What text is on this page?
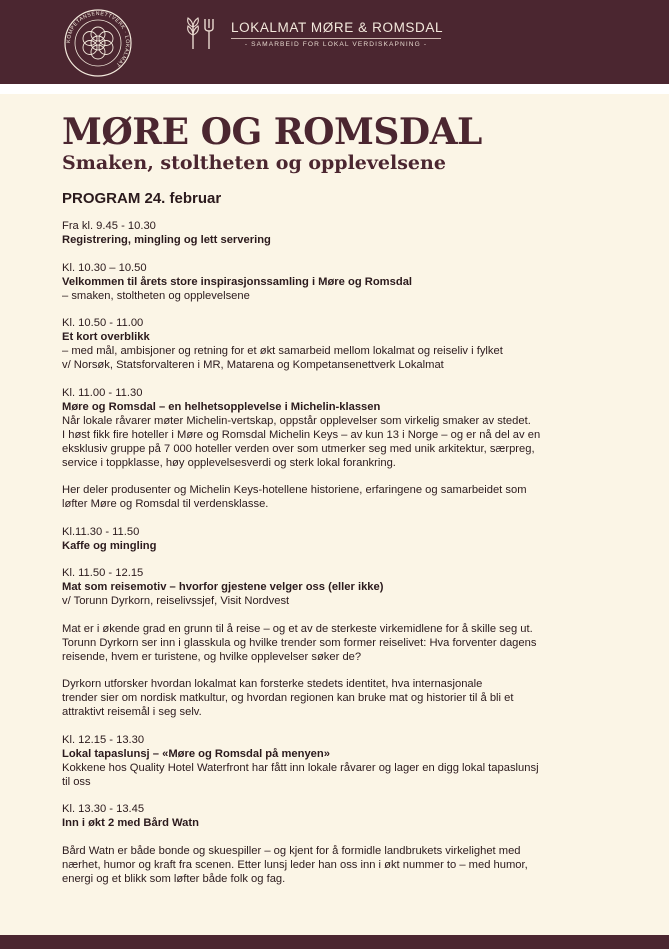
KOMPETANSENETTVERK · LOKALMAT
LOKALMAT MØRE & ROMSDAL
- SAMARBEID FOR LOKAL VERDISKAPNING -
MØRE OG ROMSDAL
Smaken, stoltheten og opplevelsene
PROGRAM 24. februar
Fra kl. 9.45 - 10.30
Registrering, mingling og lett servering
Kl. 10.30 – 10.50
Velkommen til årets store inspirasjonssamling i Møre og Romsdal
– smaken, stoltheten og opplevelsene
Kl. 10.50 - 11.00
Et kort overblikk
– med mål, ambisjoner og retning for et økt samarbeid mellom lokalmat og reiseliv i fylket
v/ Norsøk, Statsforvalteren i MR, Matarena og Kompetansenettverk Lokalmat
Kl. 11.00 - 11.30
Møre og Romsdal – en helhetsopplevelse i Michelin-klassen
Når lokale råvarer møter Michelin-vertskap, oppstår opplevelser som virkelig smaker av stedet.
I høst fikk fire hoteller i Møre og Romsdal Michelin Keys – av kun 13 i Norge – og er nå del av en
eksklusiv gruppe på 7 000 hoteller verden over som utmerker seg med unik arkitektur, særpreg,
service i toppklasse, høy opplevelsesverdi og sterk lokal forankring.
Her deler produsenter og Michelin Keys-hotellene historiene, erfaringene og samarbeidet som
løfter Møre og Romsdal til verdensklasse.
Kl.11.30 - 11.50
Kaffe og mingling
Kl. 11.50 - 12.15
Mat som reisemotiv – hvorfor gjestene velger oss (eller ikke)
v/ Torunn Dyrkorn, reiselivssjef, Visit Nordvest
Mat er i økende grad en grunn til å reise – og et av de sterkeste virkemidlene for å skille seg ut.
Torunn Dyrkorn ser inn i glasskula og hvilke trender som former reiselivet: Hva forventer dagens
reisende, hvem er turistene, og hvilke opplevelser søker de?
Dyrkorn utforsker hvordan lokalmat kan forsterke stedets identitet, hva internasjonale
trender sier om nordisk matkultur, og hvordan regionen kan bruke mat og historier til å bli et
attraktivt reisemål i seg selv.
Kl. 12.15 - 13.30
Lokal tapaslunsj – «Møre og Romsdal på menyen»
Kokkene hos Quality Hotel Waterfront har fått inn lokale råvarer og lager en digg lokal tapaslunsj
til oss
Kl. 13.30 - 13.45
Inn i økt 2 med Bård Watn
Bård Watn er både bonde og skuespiller – og kjent for å formidle landbrukets virkelighet med
nærhet, humor og kraft fra scenen. Etter lunsj leder han oss inn i økt nummer to – med humor,
energi og et blikk som løfter både folk og fag.
